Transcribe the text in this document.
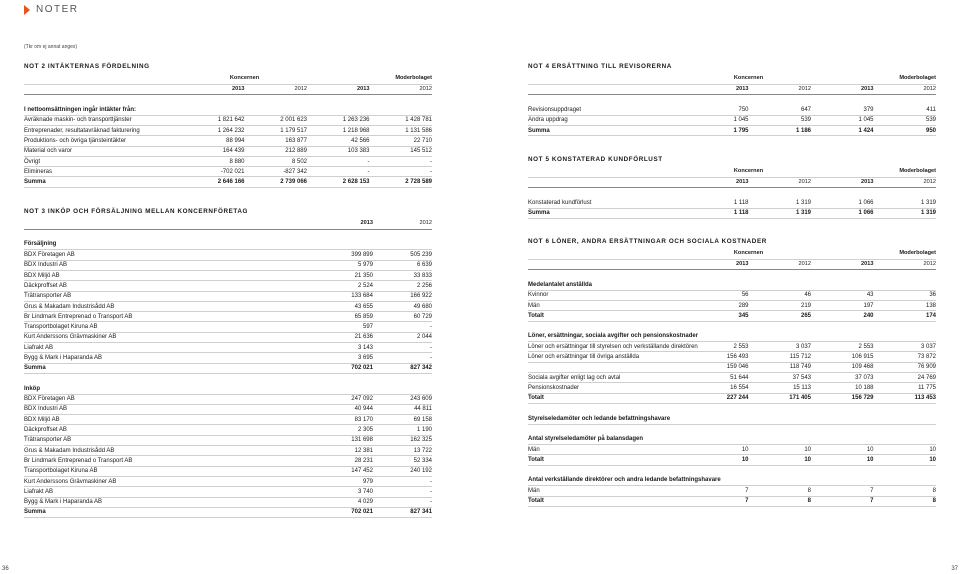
NOTER
(Tkr om ej annat anges)
NOT 2 INTÄKTERNAS FÖRDELNING
	Koncernen		Moderbolaget	
	2013	2012	2013	2012

I nettoomsättningen ingår intäkter från:				
Avräknade maskin- och transporttjänster	1 821 642	2 001 623	1 263 236	1 428 781
Entreprenader, resultatavräknad fakturering	1 264 232	1 179 517	1 218 968	1 131 586
Produktions- och övriga tjänsteintäkter	88 994	163 877	42 566	22 710
Material och varor	164 439	212 889	103 383	145 512
Övrigt	8 880	8 502	-	-
Elimineras	-702 021	-827 342	-	-
Summa	2 646 166	2 739 066	2 628 153	2 728 589
NOT 3 INKÖP OCH FÖRSÄLJNING MELLAN KONCERNFÖRETAG
	2013	2012

Försäljning		
BDX Företagen AB	399 899	505 239
BDX Industri AB	5 979	6 639
BDX Miljö AB	21 350	33 833
Däckproffset AB	2 524	2 256
Trätransporter AB	133 684	166 922
Grus & Makadam Industrisådd AB	43 655	49 680
Br Lindmark Entreprenad o Transport AB	65 859	60 729
Transportbolaget Kiruna AB	597	-
Kurt Anderssons Grävmaskiner AB	21 636	2 044
Liafrakt AB	3 143	-
Bygg & Mark i Haparanda AB	3 695	-
Summa	702 021	827 342

Inköp		
BDX Företagen AB	247 092	243 609
BDX Industri AB	40 944	44 811
BDX Miljö AB	83 170	69 158
Däckproffset AB	2 305	1 190
Trätransporter AB	131 698	162 325
Grus & Makadam Industrisådd AB	12 381	13 722
Br Lindmark Entreprenad o Transport AB	28 231	52 334
Transportbolaget Kiruna AB	147 452	240 192
Kurt Anderssons Grävmaskiner AB	979	-
Liafrakt AB	3 740	-
Bygg & Mark i Haparanda AB	4 029	-
Summa	702 021	827 341
NOT 4 ERSÄTTNING TILL REVISORERNA
	Koncernen		Moderbolaget	
	2013	2012	2013	2012

Revisionsuppdraget	750	647	379	411
Andra uppdrag	1 045	539	1 045	539
Summa	1 795	1 186	1 424	950
NOT 5 KONSTATERAD KUNDFÖRLUST
	Koncernen		Moderbolaget	
	2013	2012	2013	2012

Konstaterad kundförlust	1 118	1 319	1 066	1 319
Summa	1 118	1 319	1 066	1 319
NOT 6 LÖNER, ANDRA ERSÄTTNINGAR OCH SOCIALA KOSTNADER
	Koncernen		Moderbolaget	
	2013	2012	2013	2012

Medelantalet anställda				
Kvinnor	56	46	43	36
Män	289	219	197	138
Totalt	345	265	240	174

Löner, ersättningar, sociala avgifter och pensionskostnader				
Löner och ersättningar till styrelsen och verkställande direktören	2 553	3 037	2 553	3 037
Löner och ersättningar till övriga anställda	156 493	115 712	106 915	73 872
	159 046	118 749	109 468	76 909
Sociala avgifter enligt lag och avtal	51 644	37 543	37 073	24 769
Pensionskostnader	16 554	15 113	10 188	11 775
Totalt	227 244	171 405	156 729	113 453

Styrelseledamöter och ledande befattningshavare				

Antal styrelseledamöter på balansdagen				
Män	10	10	10	10
Totalt	10	10	10	10

Antal verkställande direktörer och andra ledande befattningshavare				
Män	7	8	7	8
Totalt	7	8	7	8
36	37
